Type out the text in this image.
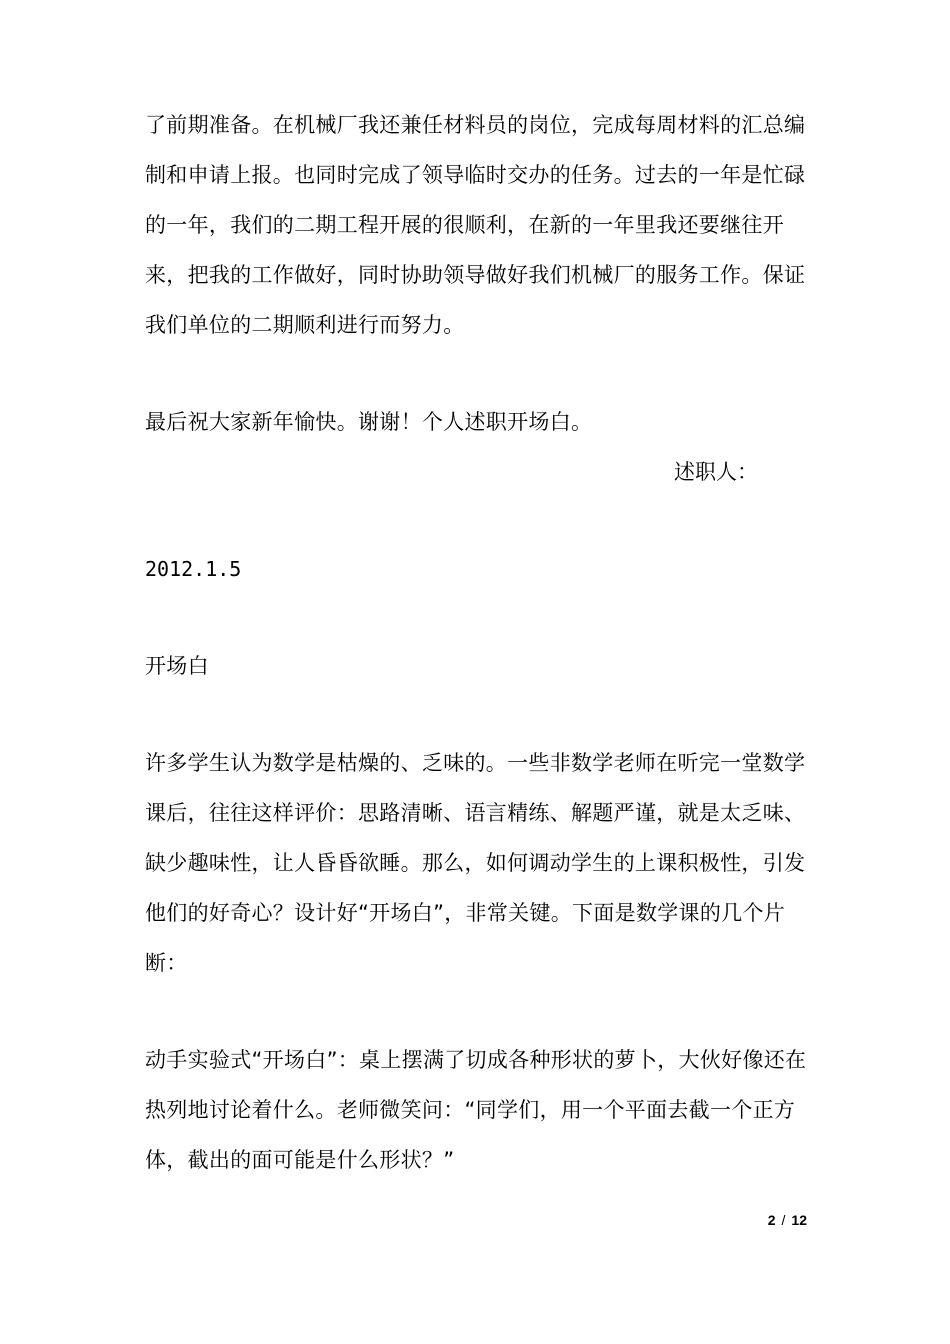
了前期准备。在机械厂我还兼任材料员的岗位，完成每周材料的汇总编制和申请上报。也同时完成了领导临时交办的任务。过去的一年是忙碌的一年，我们的二期工程开展的很顺利，在新的一年里我还要继往开来，把我的工作做好，同时协助领导做好我们机械厂的服务工作。保证我们单位的二期顺利进行而努力。

最后祝大家新年愉快。谢谢！个人述职开场白。

述职人：

2012.1.5

开场白

许多学生认为数学是枯燥的、乏味的。一些非数学老师在听完一堂数学课后，往往这样评价：思路清晰、语言精练、解题严谨，就是太乏味、缺少趣味性，让人昏昏欲睡。那么，如何调动学生的上课积极性，引发他们的好奇心？设计好“开场白”，非常关键。下面是数学课的几个片断：

动手实验式“开场白”：桌上摆满了切成各种形状的萝卜，大伙好像还在热列地讨论着什么。老师微笑问：“同学们，用一个平面去截一个正方体，截出的面可能是什么形状？”

2 / 12
